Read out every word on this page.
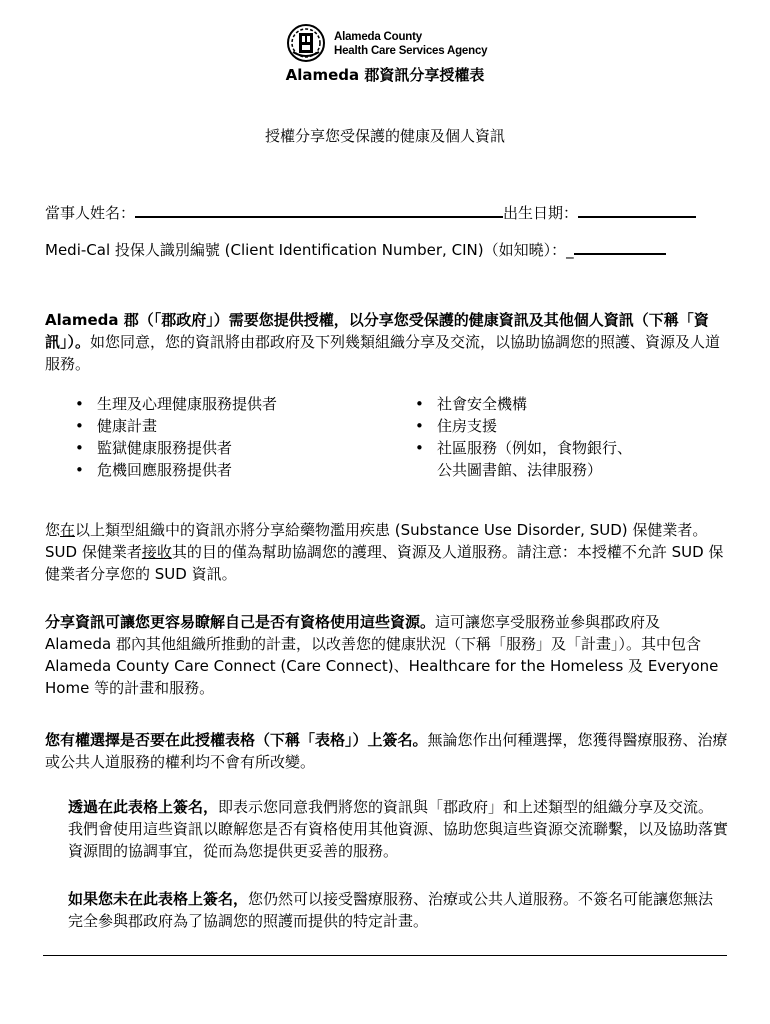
Alameda County
Health Care Services Agency
Alameda 郡資訊分享授權表
授權分享您受保護的健康及個人資訊
當事人姓名：	出生日期：
Medi-Cal 投保人識別編號 (Client Identification Number, CIN)（如知曉）：_
Alameda 郡（「郡政府」）需要您提供授權，以分享您受保護的健康資訊及其他個人資訊（下稱「資訊」）。如您同意，您的資訊將由郡政府及下列幾類組織分享及交流，以協助協調您的照護、資源及人道服務。
• 生理及心理健康服務提供者
• 健康計畫
• 監獄健康服務提供者
• 危機回應服務提供者
• 社會安全機構
• 住房支援
• 社區服務（例如，食物銀行、
公共圖書館、法律服務）
您在以上類型組織中的資訊亦將分享給藥物濫用疾患 (Substance Use Disorder, SUD) 保健業者。SUD 保健業者接收其的目的僅為幫助協調您的護理、資源及人道服務。請注意：本授權不允許 SUD 保健業者分享您的 SUD 資訊。
分享資訊可讓您更容易瞭解自己是否有資格使用這些資源。這可讓您享受服務並參與郡政府及 Alameda 郡內其他組織所推動的計畫，以改善您的健康狀況（下稱「服務」及「計畫」）。其中包含 Alameda County Care Connect (Care Connect)、Healthcare for the Homeless 及 Everyone Home 等的計畫和服務。
您有權選擇是否要在此授權表格（下稱「表格」）上簽名。無論您作出何種選擇，您獲得醫療服務、治療或公共人道服務的權利均不會有所改變。
透過在此表格上簽名，即表示您同意我們將您的資訊與「郡政府」和上述類型的組織分享及交流。我們會使用這些資訊以瞭解您是否有資格使用其他資源、協助您與這些資源交流聯繫，以及協助落實資源間的協調事宜，從而為您提供更妥善的服務。
如果您未在此表格上簽名，您仍然可以接受醫療服務、治療或公共人道服務。不簽名可能讓您無法完全參與郡政府為了協調您的照護而提供的特定計畫。
